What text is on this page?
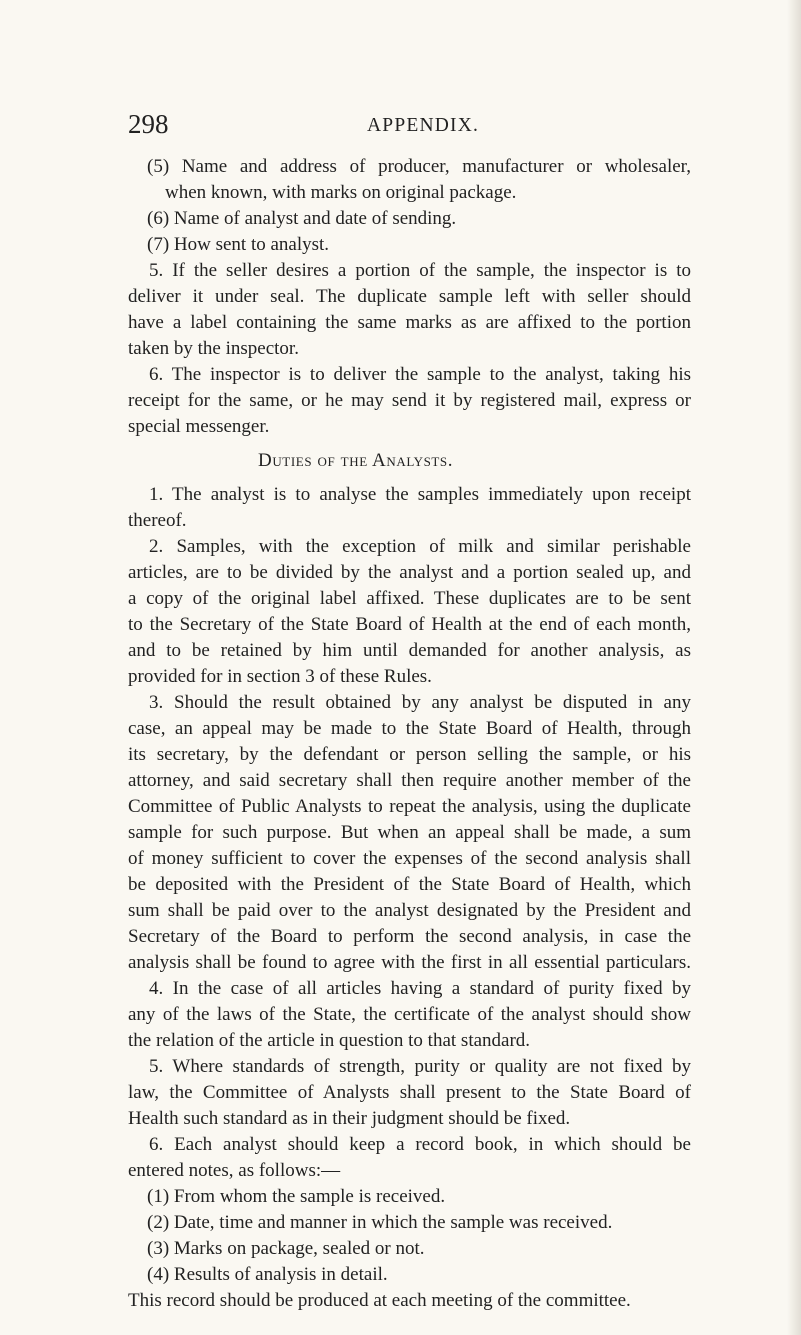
298	APPENDIX.
(5) Name and address of producer, manufacturer or wholesaler,
when known, with marks on original package.
(6) Name of analyst and date of sending.
(7) How sent to analyst.
5. If the seller desires a portion of the sample, the inspector is to
deliver it under seal. The duplicate sample left with seller should
have a label containing the same marks as are affixed to the portion
taken by the inspector.
6. The inspector is to deliver the sample to the analyst, taking his
receipt for the same, or he may send it by registered mail, express or
special messenger.
Duties of the Analysts.
1. The analyst is to analyse the samples immediately upon receipt
thereof.
2. Samples, with the exception of milk and similar perishable
articles, are to be divided by the analyst and a portion sealed up, and
a copy of the original label affixed. These duplicates are to be sent
to the Secretary of the State Board of Health at the end of each month,
and to be retained by him until demanded for another analysis, as
provided for in section 3 of these Rules.
3. Should the result obtained by any analyst be disputed in any
case, an appeal may be made to the State Board of Health, through
its secretary, by the defendant or person selling the sample, or his
attorney, and said secretary shall then require another member of the
Committee of Public Analysts to repeat the analysis, using the duplicate
sample for such purpose. But when an appeal shall be made, a sum
of money sufficient to cover the expenses of the second analysis shall
be deposited with the President of the State Board of Health, which
sum shall be paid over to the analyst designated by the President and
Secretary of the Board to perform the second analysis, in case the
analysis shall be found to agree with the first in all essential particulars.
4. In the case of all articles having a standard of purity fixed by
any of the laws of the State, the certificate of the analyst should show
the relation of the article in question to that standard.
5. Where standards of strength, purity or quality are not fixed by
law, the Committee of Analysts shall present to the State Board of
Health such standard as in their judgment should be fixed.
6. Each analyst should keep a record book, in which should be
entered notes, as follows:—
(1) From whom the sample is received.
(2) Date, time and manner in which the sample was received.
(3) Marks on package, sealed or not.
(4) Results of analysis in detail.
This record should be produced at each meeting of the committee.
